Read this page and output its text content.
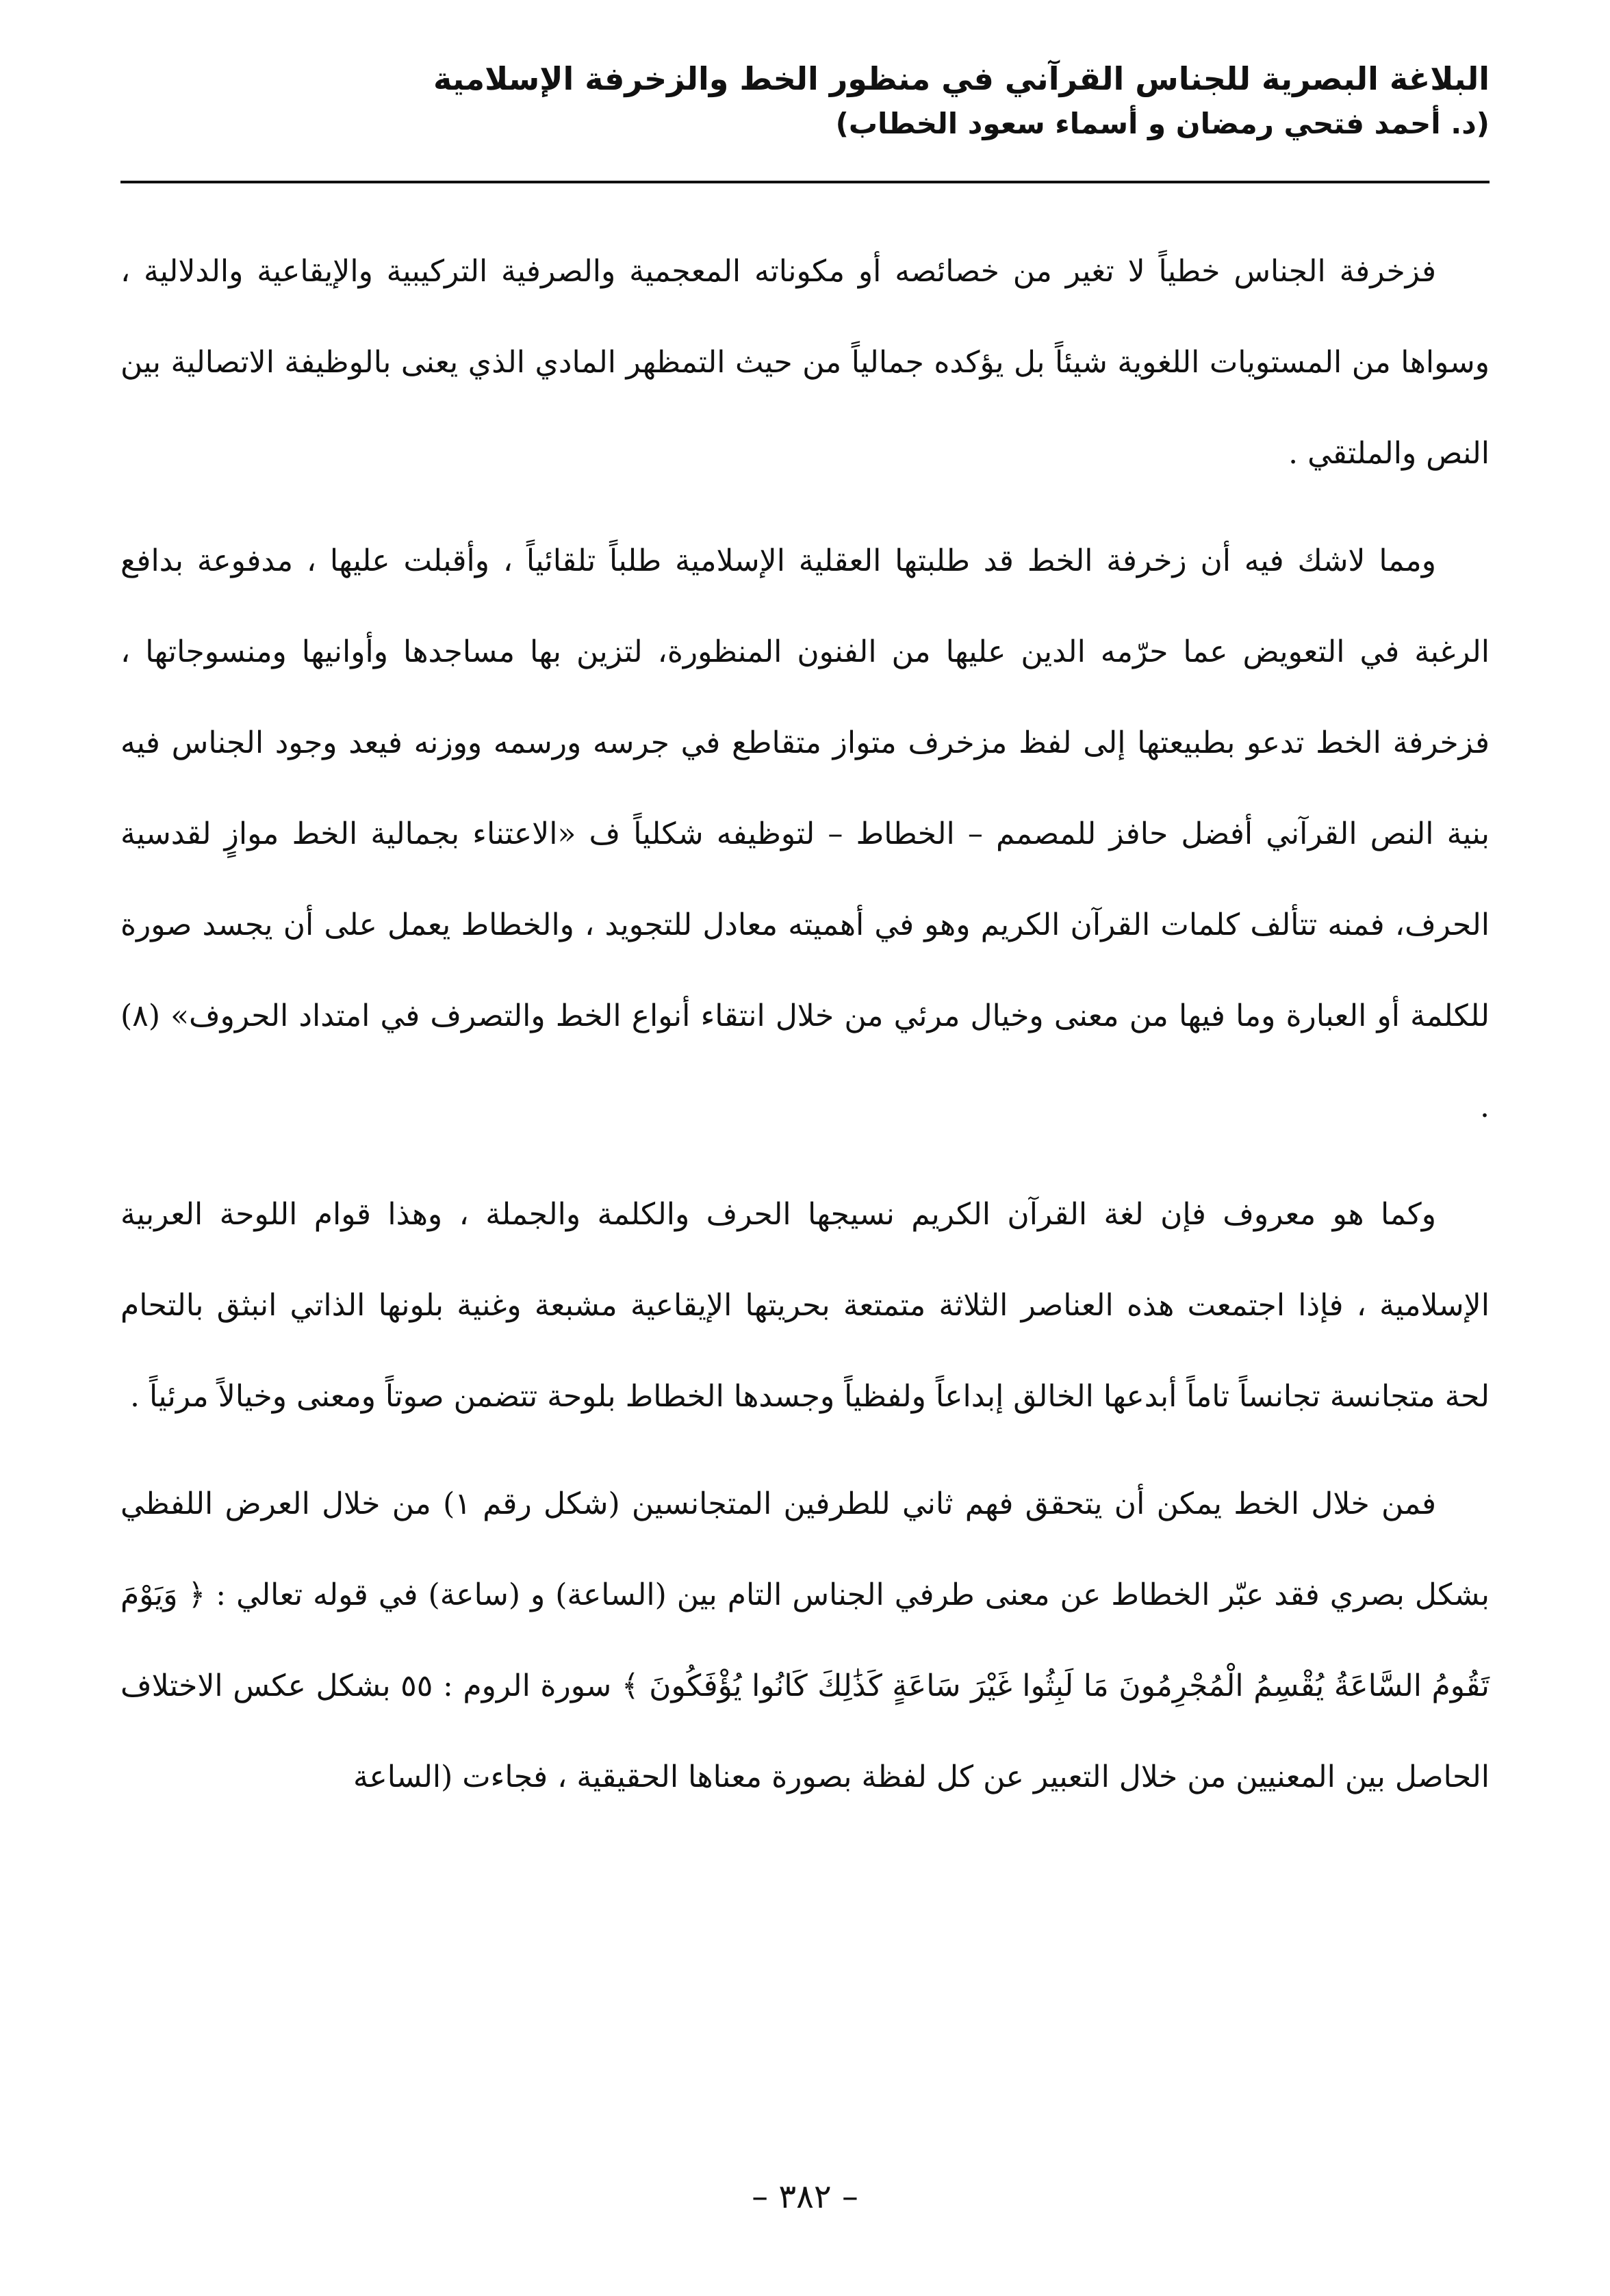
البلاغة البصرية للجناس القرآني في منظور الخط والزخرفة الإسلامية
(د. أحمد فتحي رمضان و أسماء سعود الخطاب)

فزخرفة الجناس خطياً لا تغير من خصائصه أو مكوناته المعجمية والصرفية التركيبية والإيقاعية والدلالية ، وسواها من المستويات اللغوية شيئاً بل يؤكده جمالياً من حيث التمظهر المادي الذي يعنى بالوظيفة الاتصالية بين النص والملتقي .

ومما لاشك فيه أن زخرفة الخط قد طلبتها العقلية الإسلامية طلباً تلقائياً ، وأقبلت عليها ، مدفوعة بدافع الرغبة في التعويض عما حرّمه الدين عليها من الفنون المنظورة، لتزين بها مساجدها وأوانيها ومنسوجاتها ، فزخرفة الخط تدعو بطبيعتها إلى لفظ مزخرف متواز متقاطع في جرسه ورسمه ووزنه فيعد وجود الجناس فيه بنية النص القرآني أفضل حافز للمصمم – الخطاط – لتوظيفه شكلياً ف «الاعتناء بجمالية الخط موازٍ لقدسية الحرف، فمنه تتألف كلمات القرآن الكريم وهو في أهميته معادل للتجويد ، والخطاط يعمل على أن يجسد صورة للكلمة أو العبارة وما فيها من معنى وخيال مرئي من خلال انتقاء أنواع الخط والتصرف في امتداد الحروف» (٨) .

وكما هو معروف فإن لغة القرآن الكريم نسيجها الحرف والكلمة والجملة ، وهذا قوام اللوحة العربية الإسلامية ، فإذا اجتمعت هذه العناصر الثلاثة متمتعة بحريتها الإيقاعية مشبعة وغنية بلونها الذاتي انبثق بالتحام لحة متجانسة تجانساً تاماً أبدعها الخالق إبداعاً ولفظياً وجسدها الخطاط بلوحة تتضمن صوتاً ومعنى وخيالاً مرئياً .

فمن خلال الخط يمكن أن يتحقق فهم ثاني للطرفين المتجانسين (شكل رقم ١) من خلال العرض اللفظي بشكل بصري فقد عبّر الخطاط عن معنى طرفي الجناس التام بين (الساعة) و (ساعة) في قوله تعالي : ﴿ وَيَوْمَ تَقُومُ السَّاعَةُ يُقْسِمُ الْمُجْرِمُونَ مَا لَبِثُوا غَيْرَ سَاعَةٍ كَذَٰلِكَ كَانُوا يُؤْفَكُونَ ﴾ سورة الروم : ٥٥ بشكل عكس الاختلاف الحاصل بين المعنيين من خلال التعبير عن كل لفظة بصورة معناها الحقيقية ، فجاءت (الساعة

– ٣٨٢ –
